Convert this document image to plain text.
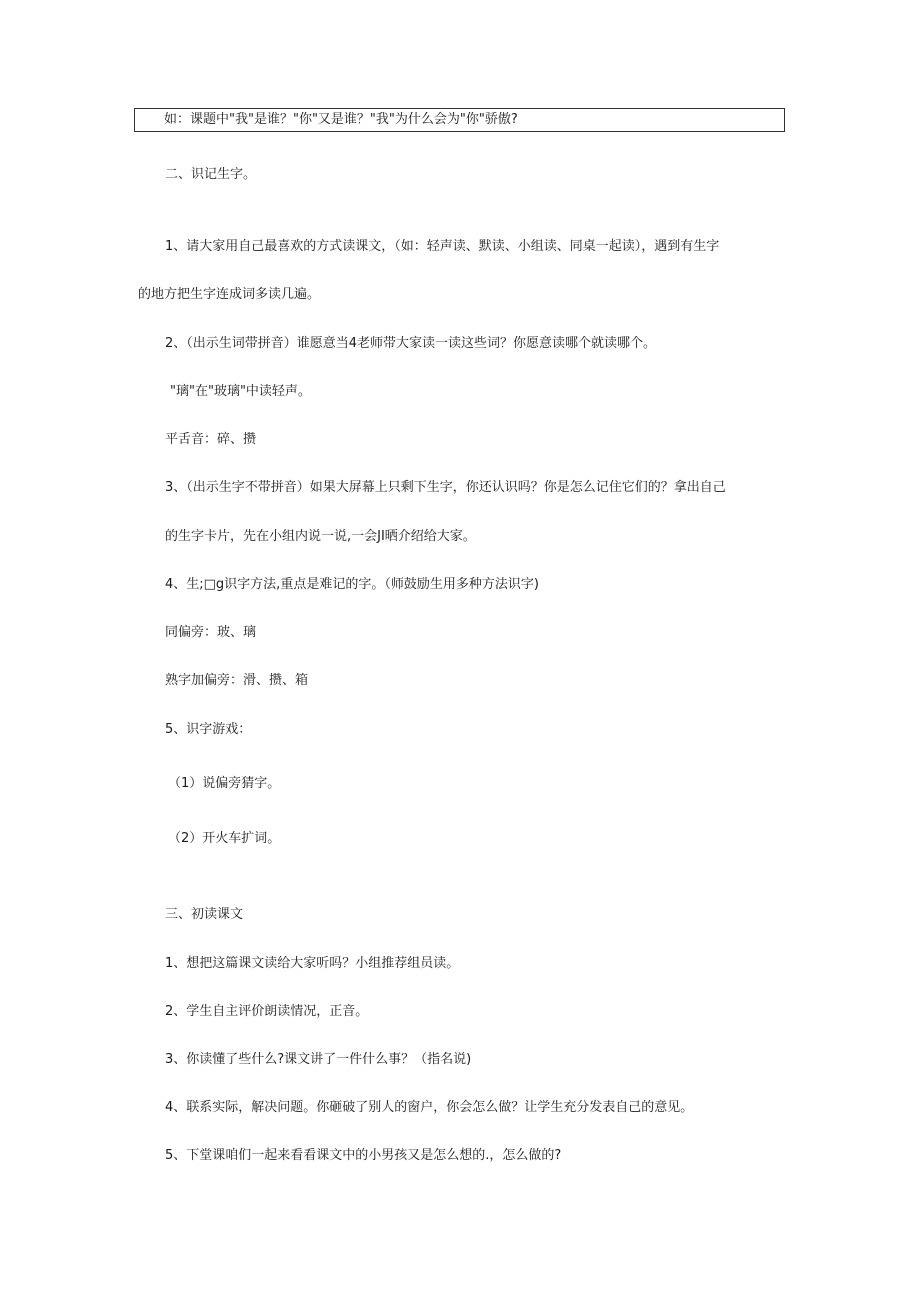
如：课题中"我"是谁？"你"又是谁？"我"为什么会为"你"骄傲?
二、识记生字。
1、请大家用自己最喜欢的方式读课文，（如：轻声读、默读、小组读、同桌一起读），遇到有生字
的地方把生字连成词多读几遍。
2、（出示生词带拼音）谁愿意当4老师带大家读一读这些词？你愿意读哪个就读哪个。
"璃"在"玻璃"中读轻声。
平舌音：碎、攒
3、（出示生字不带拼音）如果大屏幕上只剩下生字，你还认识吗？你是怎么记住它们的？拿出自己
的生字卡片，先在小组内说一说,一会JI晒介绍给大家。
4、生;□g识字方法,重点是难记的字。（师鼓励生用多种方法识字)
同偏旁：玻、璃
熟字加偏旁：滑、攒、箱
5、识字游戏：
（1）说偏旁猜字。
（2）开火车扩词。
三、初读课文
1、想把这篇课文读给大家听吗？小组推荐组员读。
2、学生自主评价朗读情况，正音。
3、你读懂了些什么?课文讲了一件什么事？（指名说)
4、联系实际，解决问题。你砸破了别人的窗户，你会怎么做？让学生充分发表自己的意见。
5、下堂课咱们一起来看看课文中的小男孩又是怎么想的.，怎么做的?
